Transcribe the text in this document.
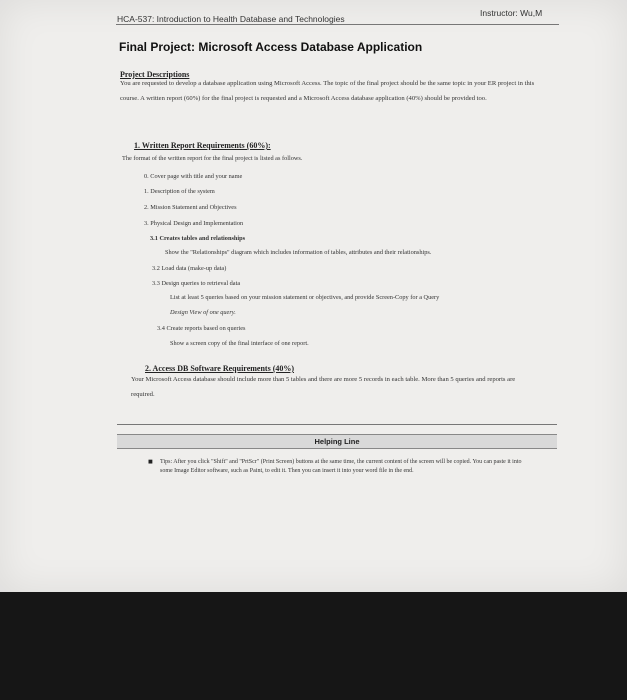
HCA-537: Introduction to Health Database and Technologies
Instructor: Wu,M
Final Project: Microsoft Access Database Application
Project Descriptions
You are requested to develop a database application using Microsoft Access. The topic of the final project should be the same topic in your ER project in this course. A written report (60%) for the final project is requested and a Microsoft Access database application (40%) should be provided too.
1. Written Report Requirements (60%):
The format of the written report for the final project is listed as follows.
0. Cover page with title and your name
1. Description of the system
2. Mission Statement and Objectives
3. Physical Design and Implementation
3.1 Creates tables and relationships
Show the "Relationships" diagram which includes information of tables, attributes and their relationships.
3.2 Load data (make-up data)
3.3 Design queries to retrieval data
List at least 5 queries based on your mission statement or objectives, and provide Screen-Copy for a Query
Design View of one query.
3.4 Create reports based on queries
Show a screen copy of the final interface of one report.
2. Access DB Software Requirements (40%)
Your Microsoft Access database should include more than 5 tables and there are more 5 records in each table. More than 5 queries and reports are required.
Helping Line
■ Tips: After you click "Shift" and "PrtScr" (Print Screen) buttons at the same time, the current content of the screen will be copied. You can paste it into some Image Editor software, such as Paint, to edit it. Then you can insert it into your word file in the end.
